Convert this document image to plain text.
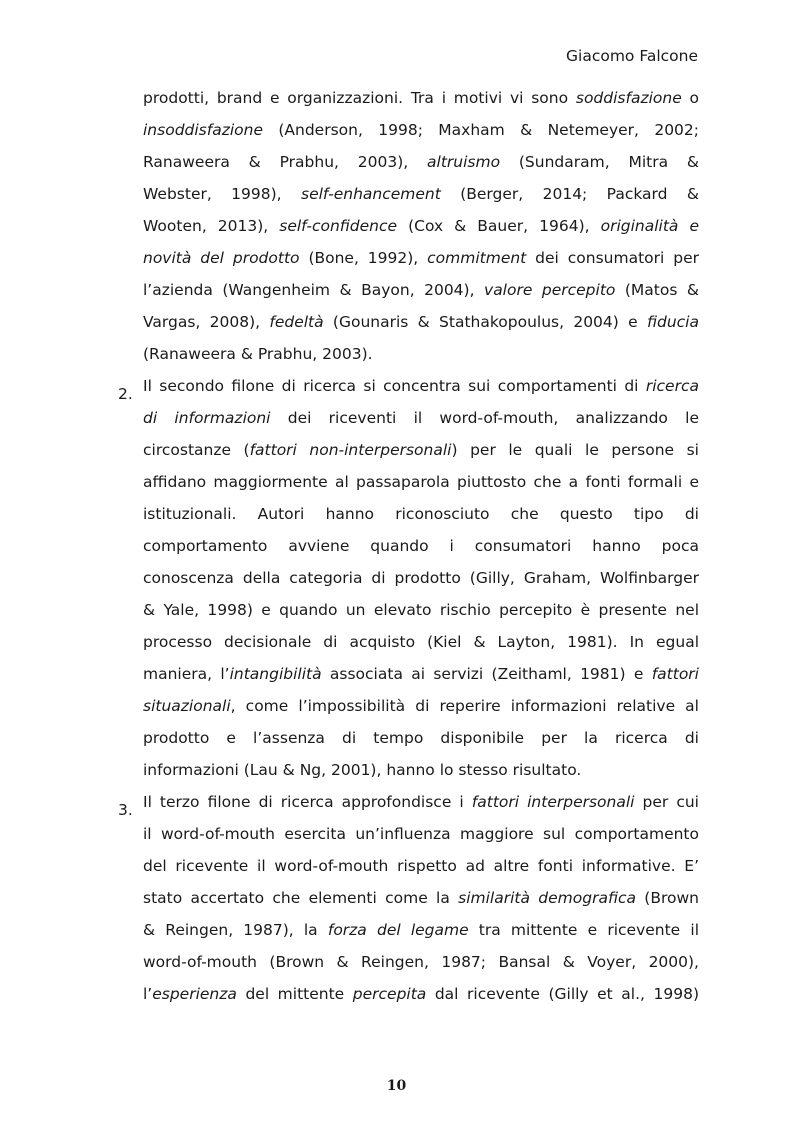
Giacomo Falcone
prodotti, brand e organizzazioni. Tra i motivi vi sono soddisfazione o
insoddisfazione (Anderson, 1998; Maxham & Netemeyer, 2002;
Ranaweera & Prabhu, 2003), altruismo (Sundaram, Mitra &
Webster, 1998), self-enhancement (Berger, 2014; Packard &
Wooten, 2013), self-confidence (Cox & Bauer, 1964), originalità e
novità del prodotto (Bone, 1992), commitment dei consumatori per
l’azienda (Wangenheim & Bayon, 2004), valore percepito (Matos &
Vargas, 2008), fedeltà (Gounaris & Stathakopoulus, 2004) e fiducia
(Ranaweera & Prabhu, 2003).
2. Il secondo filone di ricerca si concentra sui comportamenti di ricerca
di informazioni dei riceventi il word-of-mouth, analizzando le
circostanze (fattori non-interpersonali) per le quali le persone si
affidano maggiormente al passaparola piuttosto che a fonti formali e
istituzionali. Autori hanno riconosciuto che questo tipo di
comportamento avviene quando i consumatori hanno poca
conoscenza della categoria di prodotto (Gilly, Graham, Wolfinbarger
& Yale, 1998) e quando un elevato rischio percepito è presente nel
processo decisionale di acquisto (Kiel & Layton, 1981). In egual
maniera, l’intangibilità associata ai servizi (Zeithaml, 1981) e fattori
situazionali, come l’impossibilità di reperire informazioni relative al
prodotto e l’assenza di tempo disponibile per la ricerca di
informazioni (Lau & Ng, 2001), hanno lo stesso risultato.
3. Il terzo filone di ricerca approfondisce i fattori interpersonali per cui
il word-of-mouth esercita un’influenza maggiore sul comportamento
del ricevente il word-of-mouth rispetto ad altre fonti informative. E’
stato accertato che elementi come la similarità demografica (Brown
& Reingen, 1987), la forza del legame tra mittente e ricevente il
word-of-mouth (Brown & Reingen, 1987; Bansal & Voyer, 2000),
l’esperienza del mittente percepita dal ricevente (Gilly et al., 1998)
10
